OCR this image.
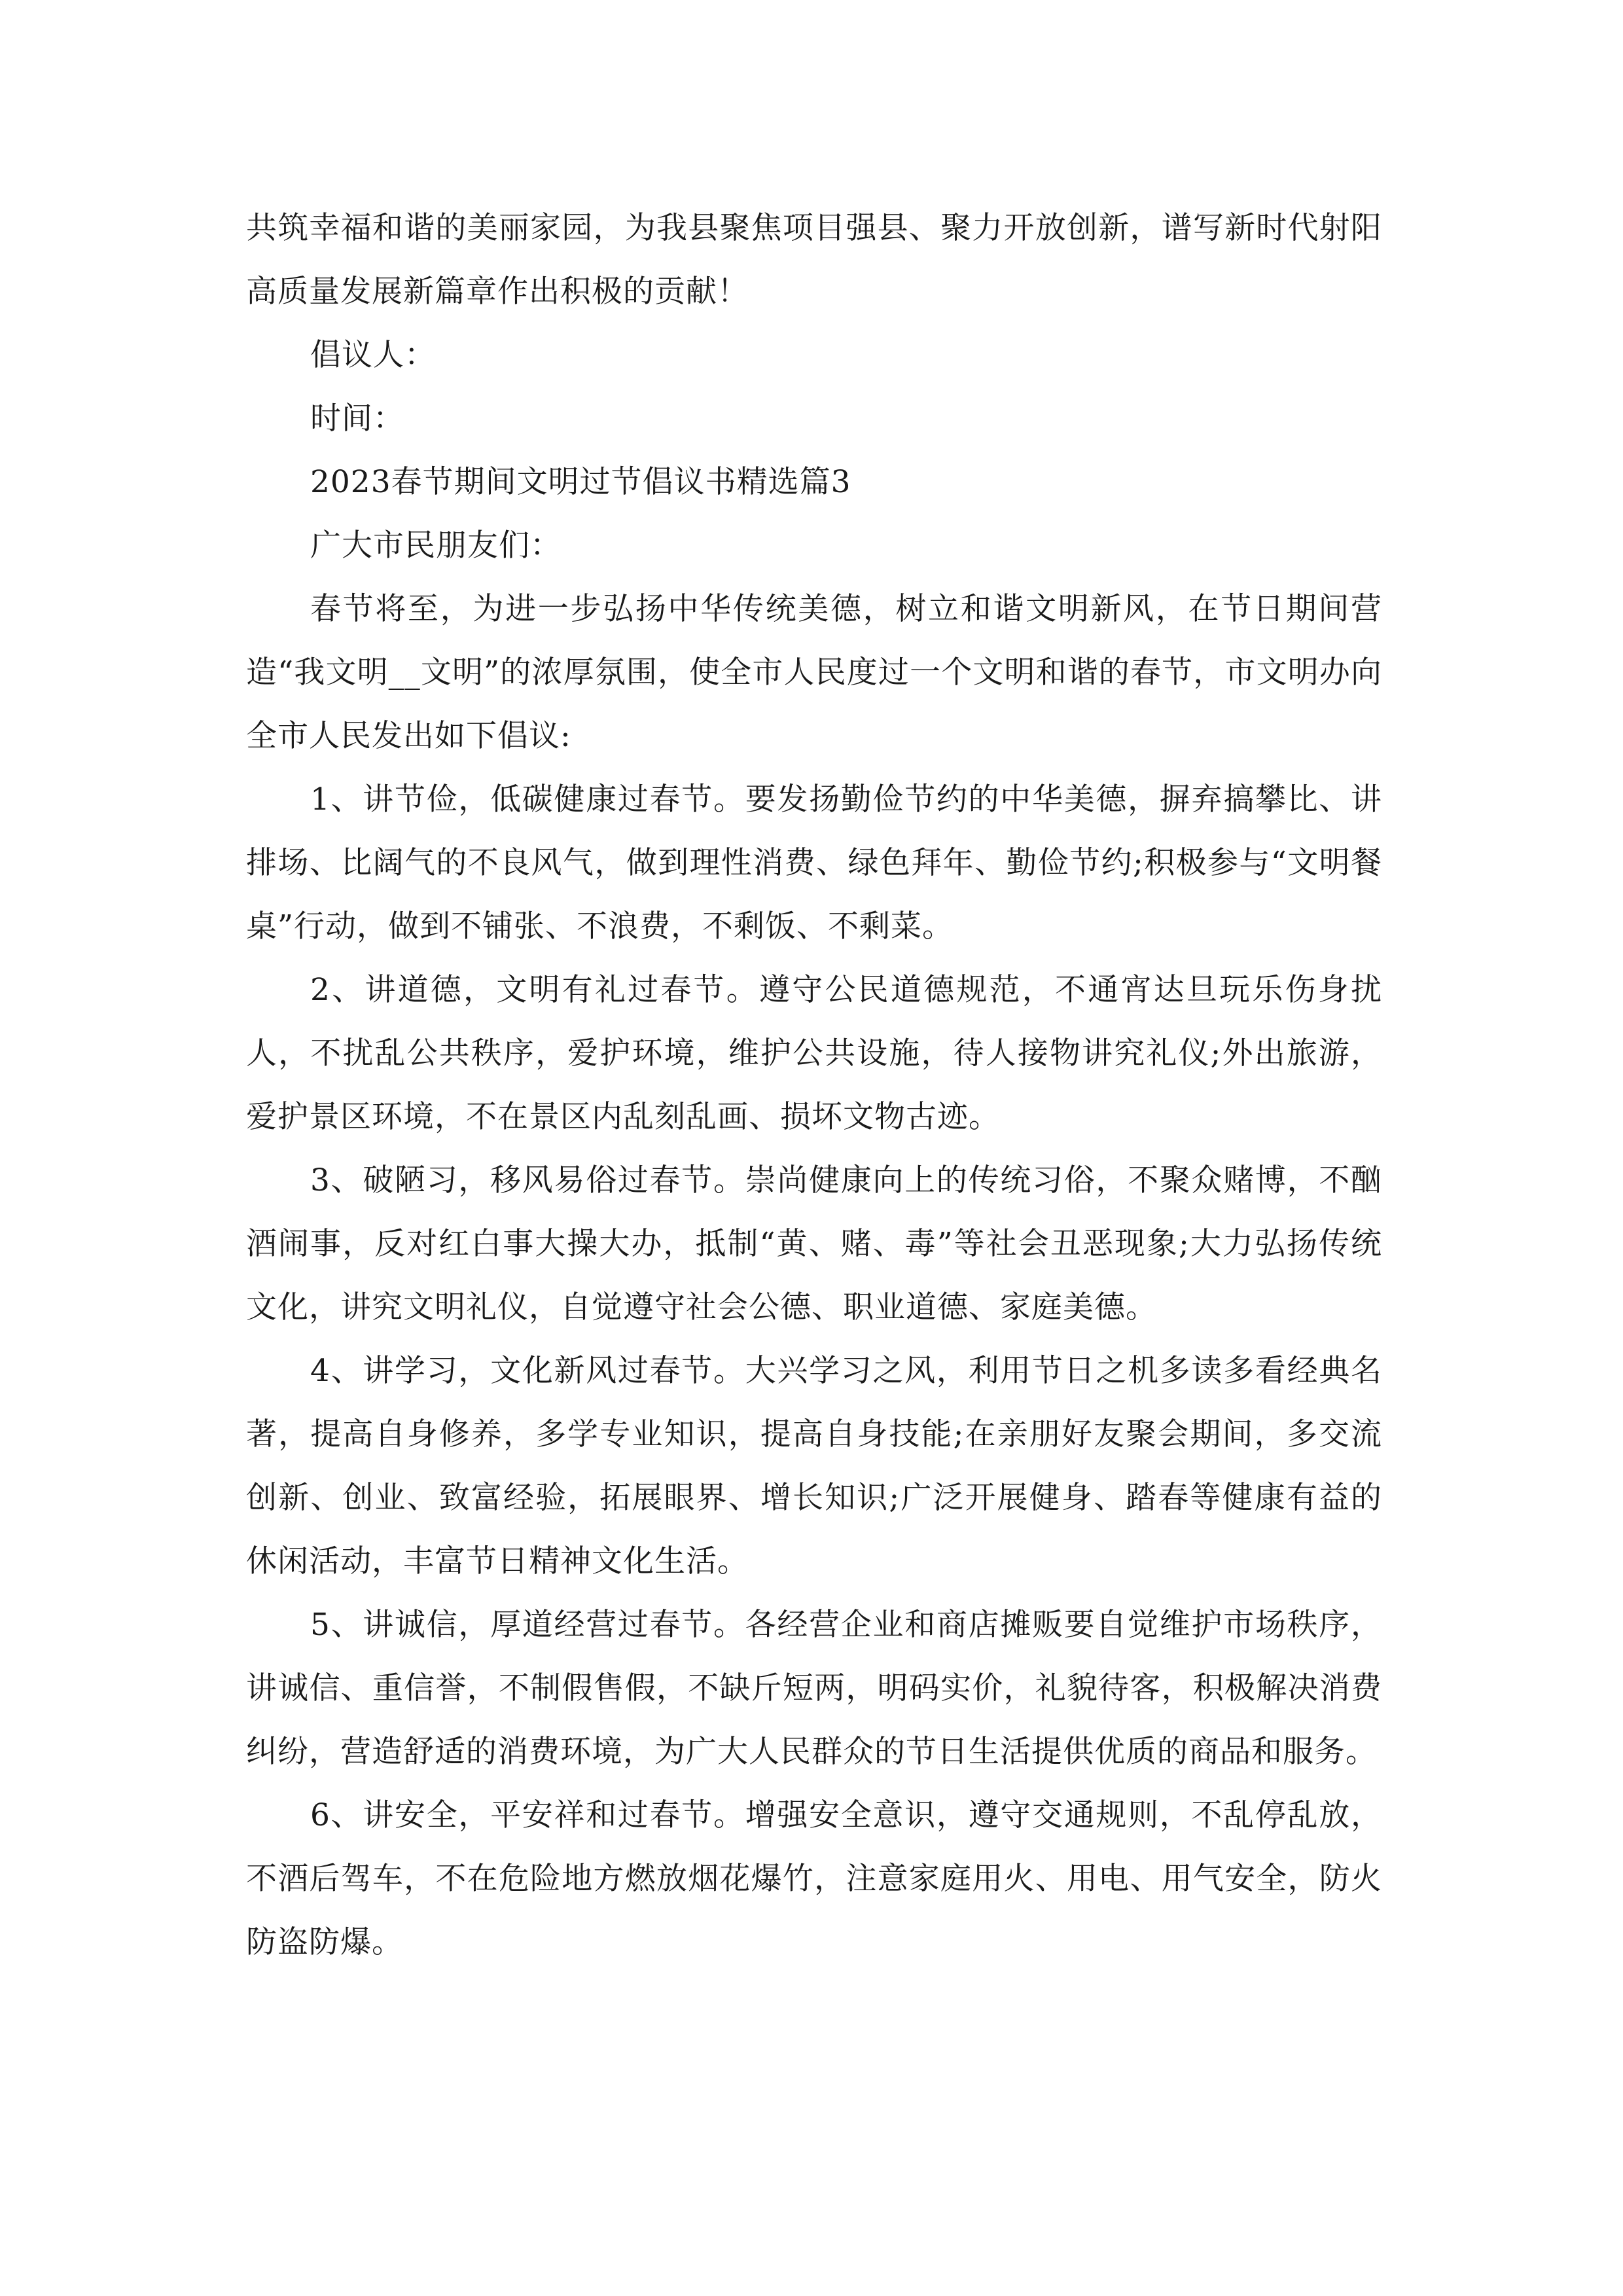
共筑幸福和谐的美丽家园，为我县聚焦项目强县、聚力开放创新，谱写新时代射阳高质量发展新篇章作出积极的贡献！

倡议人：

时间：

2023春节期间文明过节倡议书精选篇3

广大市民朋友们：

春节将至，为进一步弘扬中华传统美德，树立和谐文明新风，在节日期间营造“我文明__文明”的浓厚氛围，使全市人民度过一个文明和谐的春节，市文明办向全市人民发出如下倡议:

1、讲节俭，低碳健康过春节。要发扬勤俭节约的中华美德，摒弃搞攀比、讲排场、比阔气的不良风气，做到理性消费、绿色拜年、勤俭节约;积极参与“文明餐桌”行动，做到不铺张、不浪费，不剩饭、不剩菜。

2、讲道德，文明有礼过春节。遵守公民道德规范，不通宵达旦玩乐伤身扰人，不扰乱公共秩序，爱护环境，维护公共设施，待人接物讲究礼仪;外出旅游，爱护景区环境，不在景区内乱刻乱画、损坏文物古迹。

3、破陋习，移风易俗过春节。崇尚健康向上的传统习俗，不聚众赌博，不酗酒闹事，反对红白事大操大办，抵制“黄、赌、毒”等社会丑恶现象;大力弘扬传统文化，讲究文明礼仪，自觉遵守社会公德、职业道德、家庭美德。

4、讲学习，文化新风过春节。大兴学习之风，利用节日之机多读多看经典名著，提高自身修养，多学专业知识，提高自身技能;在亲朋好友聚会期间，多交流创新、创业、致富经验，拓展眼界、增长知识;广泛开展健身、踏春等健康有益的休闲活动，丰富节日精神文化生活。

5、讲诚信，厚道经营过春节。各经营企业和商店摊贩要自觉维护市场秩序，讲诚信、重信誉，不制假售假，不缺斤短两，明码实价，礼貌待客，积极解决消费纠纷，营造舒适的消费环境，为广大人民群众的节日生活提供优质的商品和服务。

6、讲安全，平安祥和过春节。增强安全意识，遵守交通规则，不乱停乱放，不酒后驾车，不在危险地方燃放烟花爆竹，注意家庭用火、用电、用气安全，防火防盗防爆。
